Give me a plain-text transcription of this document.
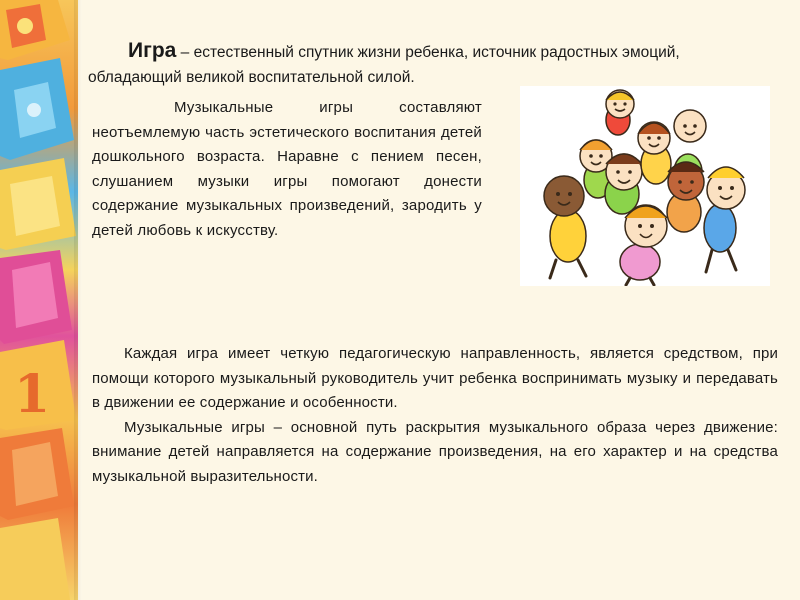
1
Игра – естественный спутник жизни ребенка, источник радостных эмоций, обладающий великой воспитательной силой.
Музыкальные игры составляют неотъемлемую часть эстетического воспитания детей дошкольного возраста. Наравне с пением песен, слушанием музыки игры помогают донести содержание музыкальных произведений, зародить у детей любовь к искусству.

Каждая игра имеет четкую педагогическую направленность, является средством, при помощи которого музыкальный руководитель учит ребенка воспринимать музыку и передавать в движении ее содержание и особенности.

Музыкальные игры – основной путь раскрытия музыкального образа через движение: внимание детей направляется на содержание произведения, на его характер и на средства музыкальной выразительности.
